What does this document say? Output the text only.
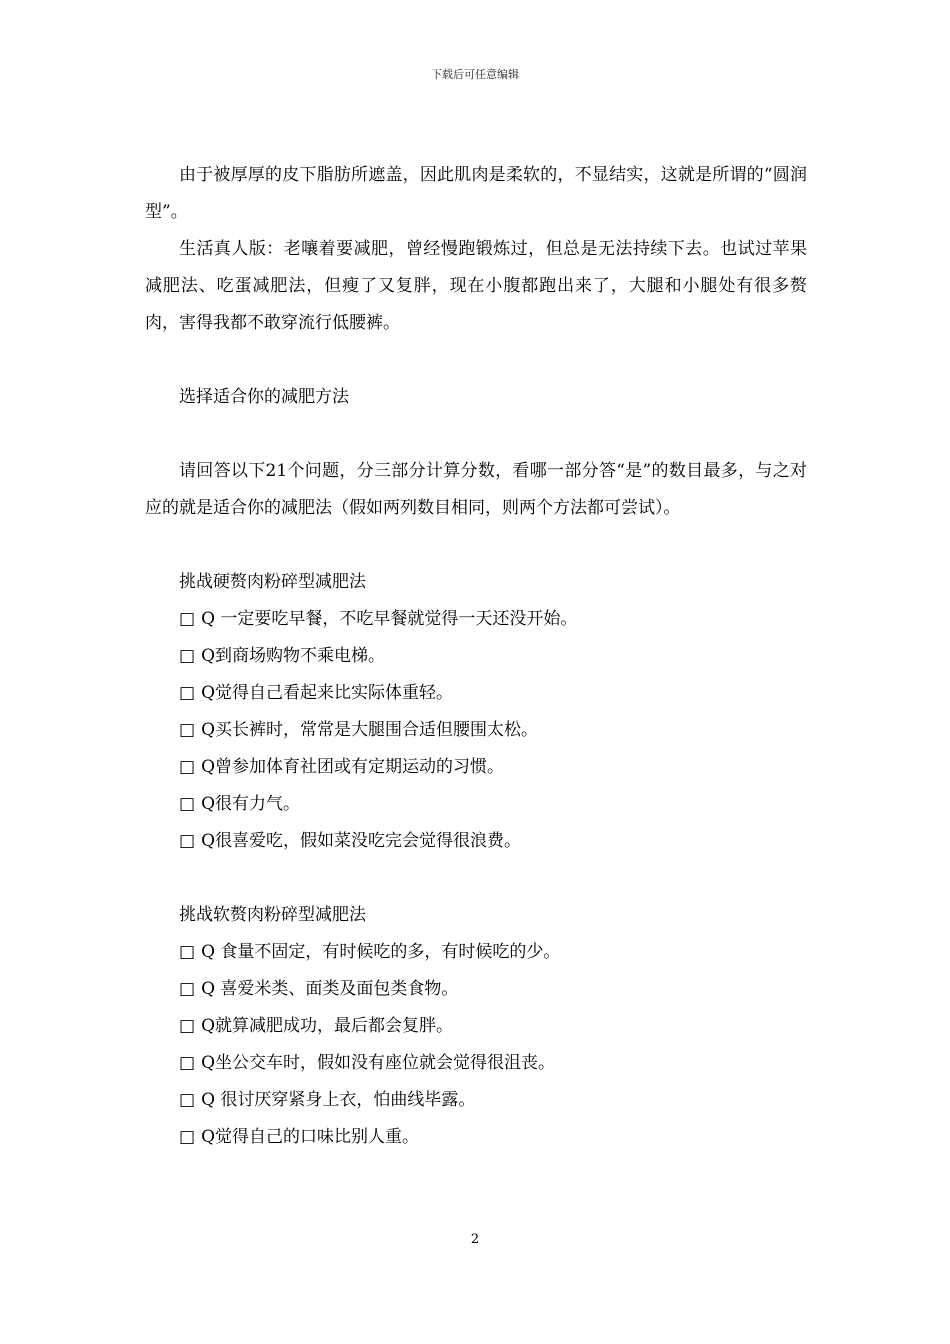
下载后可任意编辑

由于被厚厚的皮下脂肪所遮盖，因此肌肉是柔软的，不显结实，这就是所谓的“圆润型”。

生活真人版：老嚷着要减肥，曾经慢跑锻炼过，但总是无法持续下去。也试过苹果减肥法、吃蛋减肥法，但瘦了又复胖，现在小腹都跑出来了，大腿和小腿处有很多赘肉，害得我都不敢穿流行低腰裤。

选择适合你的减肥方法

请回答以下21个问题，分三部分计算分数，看哪一部分答“是”的数目最多，与之对应的就是适合你的减肥法（假如两列数目相同，则两个方法都可尝试）。

挑战硬赘肉粉碎型减肥法

□ Q 一定要吃早餐，不吃早餐就觉得一天还没开始。

□ Q到商场购物不乘电梯。

□ Q觉得自己看起来比实际体重轻。

□ Q买长裤时，常常是大腿围合适但腰围太松。

□ Q曾参加体育社团或有定期运动的习惯。

□ Q很有力气。

□ Q很喜爱吃，假如菜没吃完会觉得很浪费。

挑战软赘肉粉碎型减肥法

□ Q 食量不固定，有时候吃的多，有时候吃的少。

□ Q 喜爱米类、面类及面包类食物。

□ Q就算减肥成功，最后都会复胖。

□ Q坐公交车时，假如没有座位就会觉得很沮丧。

□ Q 很讨厌穿紧身上衣，怕曲线毕露。

□ Q觉得自己的口味比别人重。

2
